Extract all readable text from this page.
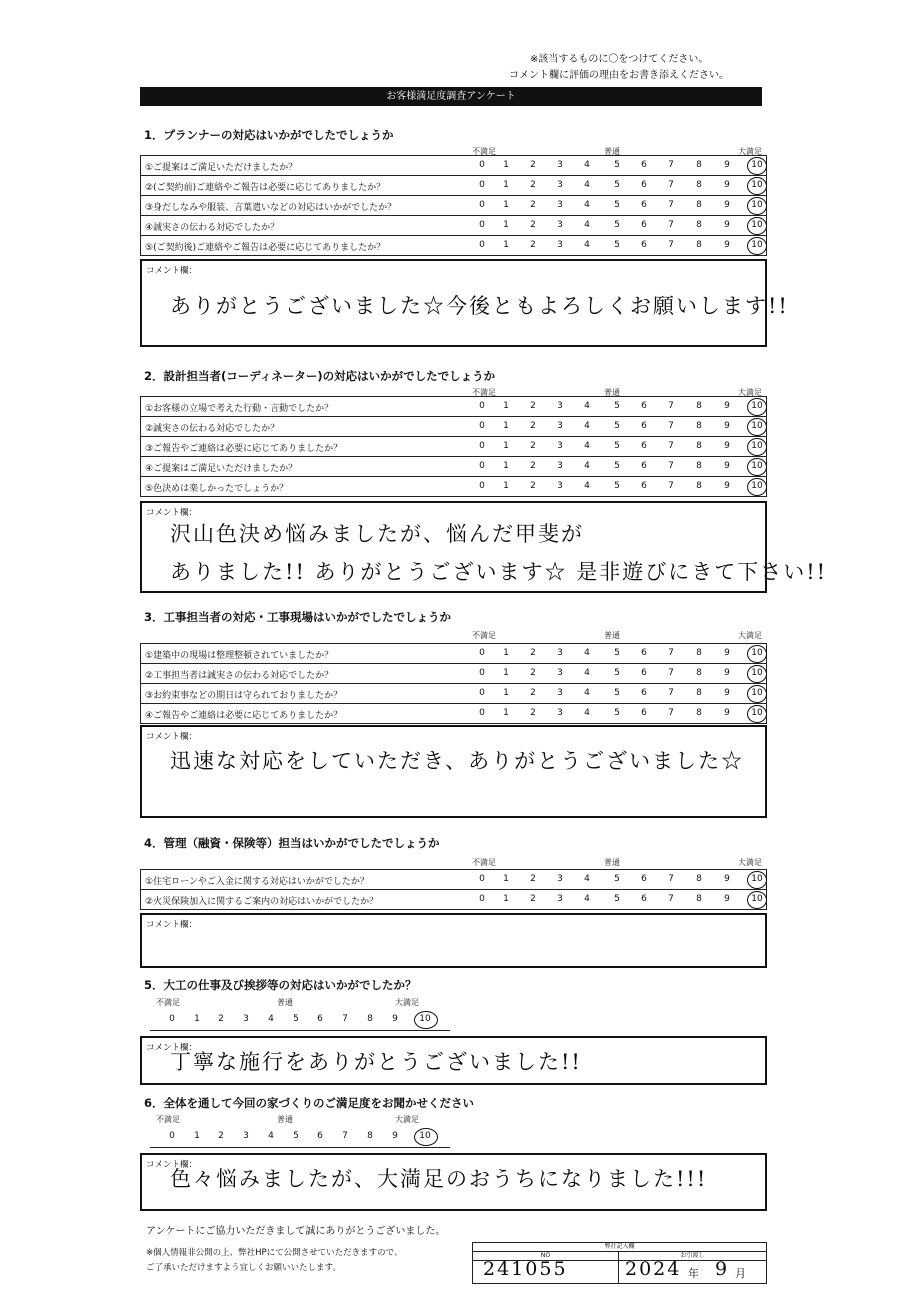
※該当するものに〇をつけてください。
コメント欄に評価の理由をお書き添えください。
お客様満足度調査アンケート
1．プランナーの対応はいかがでしたでしょうか
不満足	普通	大満足
①ご提案はご満足いただけましたか？	0	1	2	3	4	5	6	7	8	9	10
②(ご契約前)ご連絡やご報告は必要に応じてありましたか？	0	1	2	3	4	5	6	7	8	9	10
③身だしなみや服装、言葉遣いなどの対応はいかがでしたか？	0	1	2	3	4	5	6	7	8	9	10
④誠実さの伝わる対応でしたか？	0	1	2	3	4	5	6	7	8	9	10
⑤(ご契約後)ご連絡やご報告は必要に応じてありましたか？	0	1	2	3	4	5	6	7	8	9	10
コメント欄：
ありがとうございました☆今後ともよろしくお願いします!!
2．設計担当者(コーディネーター)の対応はいかがでしたでしょうか
不満足	普通	大満足
①お客様の立場で考えた行動・言動でしたか？	0	1	2	3	4	5	6	7	8	9	10
②誠実さの伝わる対応でしたか？	0	1	2	3	4	5	6	7	8	9	10
③ご報告やご連絡は必要に応じてありましたか？	0	1	2	3	4	5	6	7	8	9	10
④ご提案はご満足いただけましたか？	0	1	2	3	4	5	6	7	8	9	10
⑤色決めは楽しかったでしょうか？	0	1	2	3	4	5	6	7	8	9	10
コメント欄：
沢山色決め悩みましたが、悩んだ甲斐が
ありました!! ありがとうございます☆ 是非遊びにきて下さい!!
3．工事担当者の対応・工事現場はいかがでしたでしょうか
不満足	普通	大満足
①建築中の現場は整理整頓されていましたか？	0	1	2	3	4	5	6	7	8	9	10
②工事担当者は誠実さの伝わる対応でしたか？	0	1	2	3	4	5	6	7	8	9	10
③お約束事などの期日は守られておりましたか？	0	1	2	3	4	5	6	7	8	9	10
④ご報告やご連絡は必要に応じてありましたか？	0	1	2	3	4	5	6	7	8	9	10
コメント欄：
迅速な対応をしていただき、ありがとうございました☆
4．管理（融資・保険等）担当はいかがでしたでしょうか
不満足	普通	大満足
①住宅ローンやご入金に関する対応はいかがでしたか？	0	1	2	3	4	5	6	7	8	9	10
②火災保険加入に関するご案内の対応はいかがでしたか？	0	1	2	3	4	5	6	7	8	9	10
コメント欄：
5．大工の仕事及び挨拶等の対応はいかがでしたか？
不満足	普通	大満足
0	1	2	3	4	5	6	7	8	9	10
コメント欄：
丁寧な施行をありがとうございました!!
6．全体を通して今回の家づくりのご満足度をお聞かせください
不満足	普通	大満足
0	1	2	3	4	5	6	7	8	9	10
コメント欄：
色々悩みましたが、大満足のおうちになりました!!!
アンケートにご協力いただきまして誠にありがとうございました。
※個人情報非公開の上、弊社HPにて公開させていただきますので、
ご了承いただけますよう宜しくお願いいたします。
弊社記入欄
NO	お引渡し
241055	2024 年 9 月
